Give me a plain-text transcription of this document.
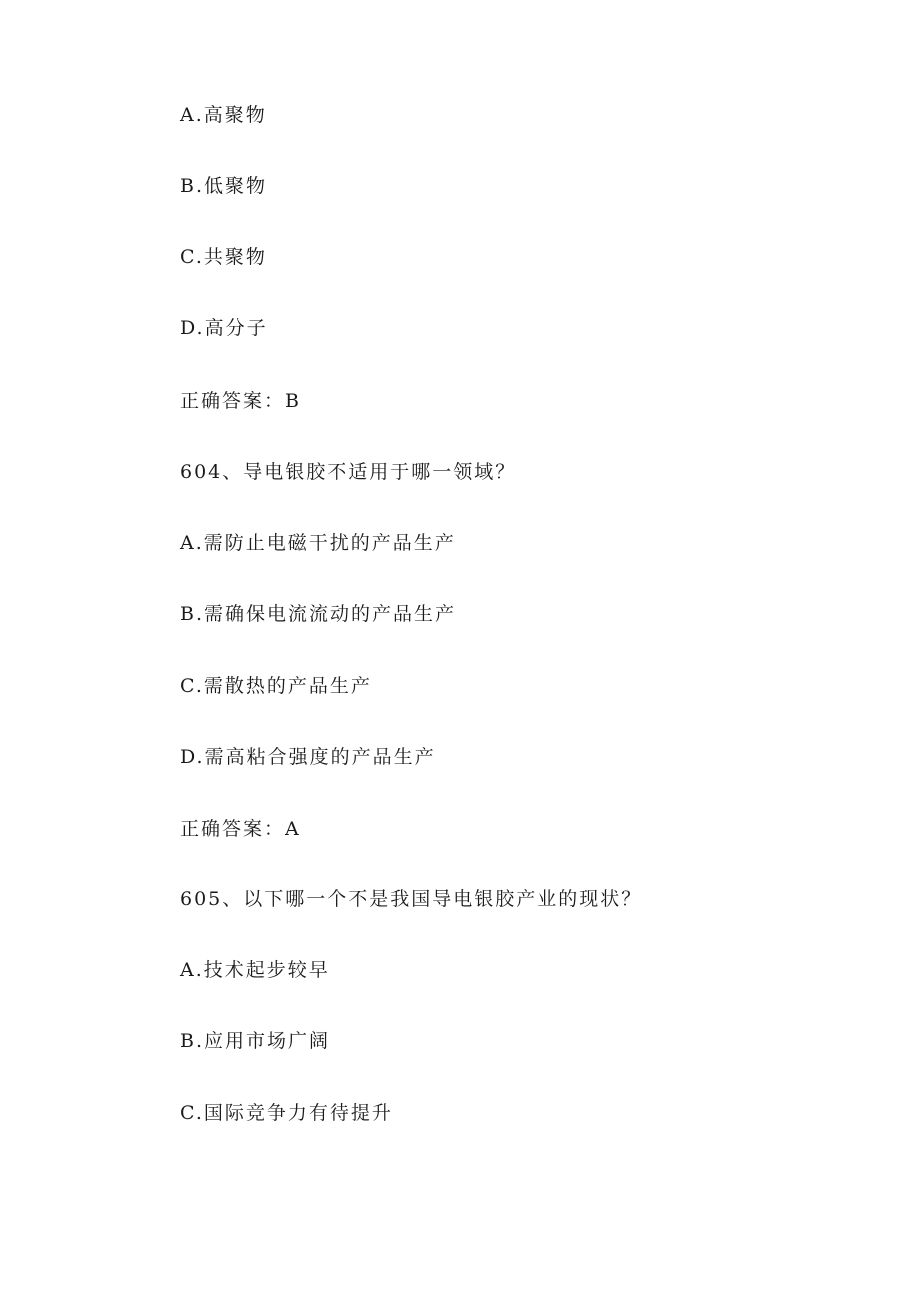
A.高聚物
B.低聚物
C.共聚物
D.高分子
正确答案：B
604、导电银胶不适用于哪一领域？
A.需防止电磁干扰的产品生产
B.需确保电流流动的产品生产
C.需散热的产品生产
D.需高粘合强度的产品生产
正确答案：A
605、以下哪一个不是我国导电银胶产业的现状？
A.技术起步较早
B.应用市场广阔
C.国际竞争力有待提升
